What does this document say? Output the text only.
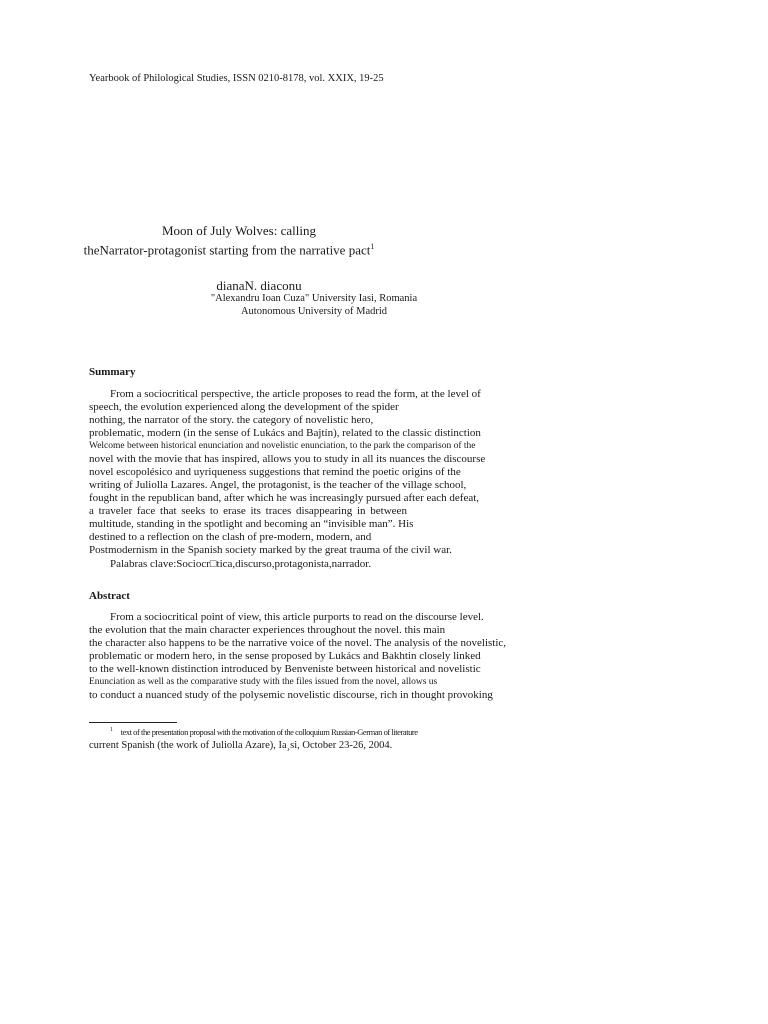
Yearbook of Philological Studies, ISSN 0210-8178, vol. XXIX, 19-25
Moon of July Wolves: calling
theNarrator-protagonist starting from the narrative pact$^1$
dianaN. diaconu
"Alexandru Ioan Cuza" University Iasi, Romania
Autonomous University of Madrid
Summary
From a sociocritical perspective, the article proposes to read the form, at the level of
speech, the evolution experienced along the development of the spider
nothing, the narrator of the story. the category of novelistic hero,
problematic, modern (in the sense of Lukács and Bajtín), related to the classic distinction
Welcome between historical enunciation and novelistic enunciation, to the park the comparison of the
novel with the movie that has inspired, allows you to study in all its nuances the discourse
novel escopolésico and uyriqueness suggestions that remind the poetic origins of the
writing of Juliolla Lazares. Angel, the protagonist, is the teacher of the village school,
fought in the republican band, after which he was increasingly pursued after each defeat,
a traveler face that seeks to erase its traces disappearing in between
multitude, standing in the spotlight and becoming an “invisible man”. His
destined to a reflection on the clash of pre-modern, modern, and
Postmodernism in the Spanish society marked by the great trauma of the civil war.
Palabras clave:Sociocr□tica,discurso,protagonista,narrador.
Abstract
From a sociocritical point of view, this article purports to read on the discourse level.
the evolution that the main character experiences throughout the novel. this main
the character also happens to be the narrative voice of the novel. The analysis of the novelistic,
problematic or modern hero, in the sense proposed by Lukács and Bakhtin closely linked
to the well-known distinction introduced by Benveniste between historical and novelistic
Enunciation as well as the comparative study with the files issued from the novel, allows us
to conduct a nuanced study of the polysemic novelistic discourse, rich in thought provoking
$^1$ text of the presentation proposal with the motivation of the colloquium Russian-German of literature
current Spanish (the work of Juliolla Azare), Ia¸si, October 23-26, 2004.
